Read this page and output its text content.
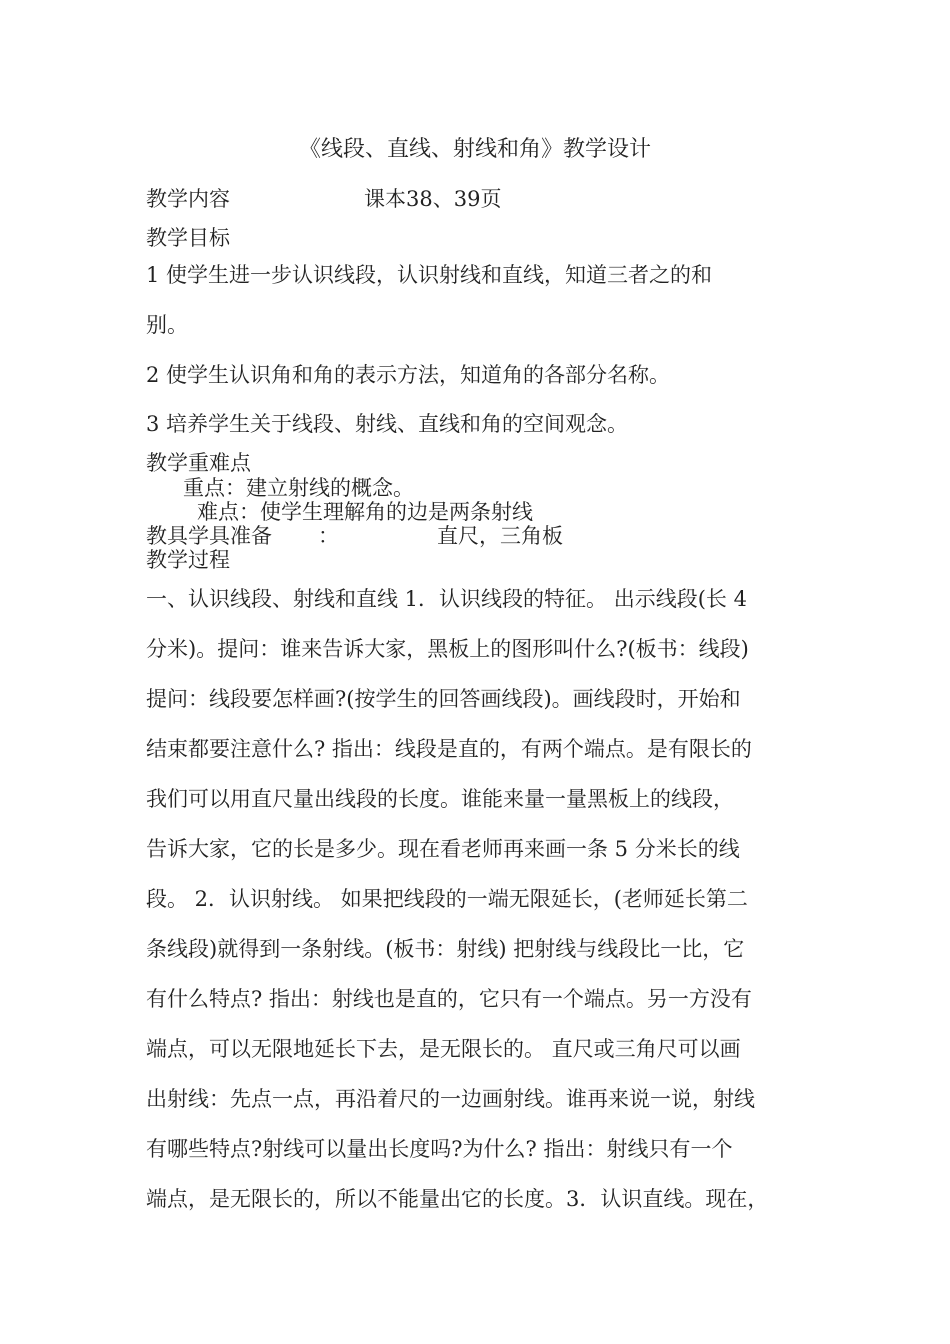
《线段、直线、射线和角》教学设计
教学内容	课本38、39页
教学目标
1 使学生进一步认识线段，认识射线和直线，知道三者之的和
别。
2 使学生认识角和角的表示方法，知道角的各部分名称。
3 培养学生关于线段、射线、直线和角的空间观念。
教学重难点
重点：建立射线的概念。
难点：使学生理解角的边是两条射线
教具学具准备 ：	直尺，三角板
教学过程
一、认识线段、射线和直线 1．认识线段的特征。 出示线段(长 4
分米)。提问：谁来告诉大家，黑板上的图形叫什么?(板书：线段)
提问：线段要怎样画?(按学生的回答画线段)。画线段时，开始和
结束都要注意什么? 指出：线段是直的，有两个端点。是有限长的
我们可以用直尺量出线段的长度。谁能来量一量黑板上的线段，
告诉大家，它的长是多少。现在看老师再来画一条 5 分米长的线
段。 2．认识射线。 如果把线段的一端无限延长，(老师延长第二
条线段)就得到一条射线。(板书：射线) 把射线与线段比一比，它
有什么特点? 指出：射线也是直的，它只有一个端点。另一方没有
端点，可以无限地延长下去，是无限长的。 直尺或三角尺可以画
出射线：先点一点，再沿着尺的一边画射线。谁再来说一说，射线
有哪些特点?射线可以量出长度吗?为什么? 指出：射线只有一个
端点，是无限长的，所以不能量出它的长度。3．认识直线。现在，
